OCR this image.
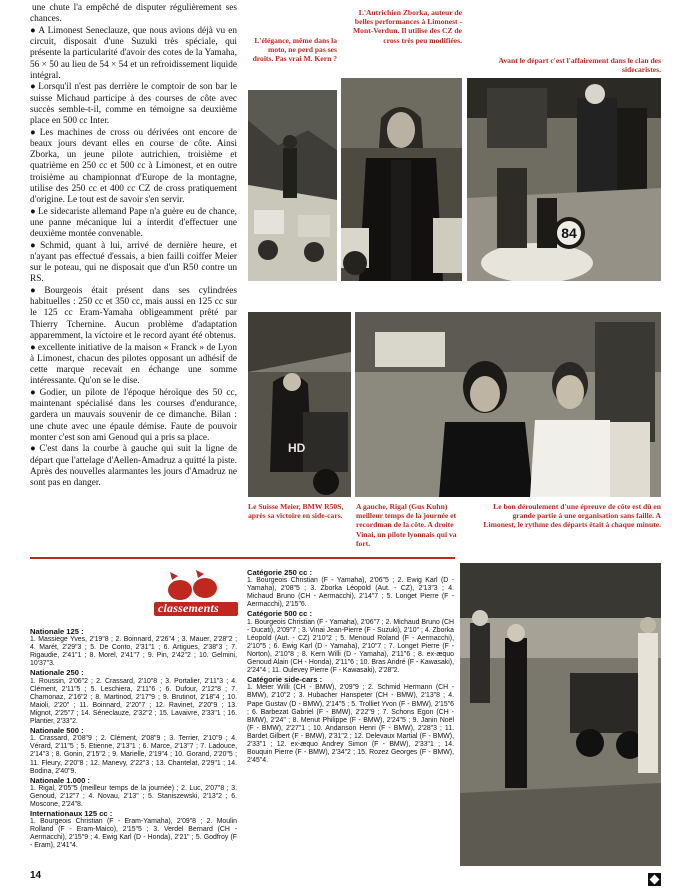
une chute l'a empêché de disputer régulièrement ses chances.

● A Limonest Seneclauze, que nous avions déjà vu en circuit, disposait d'une Suzuki très spéciale, qui présente la particularité d'avoir des cotes de la Yamaha, 56 × 50 au lieu de 54 × 54 et un refroidissement liquide intégral.

● Lorsqu'il n'est pas derrière le comptoir de son bar le suisse Michaud participe à des courses de côte avec succès semble-t-il, comme en témoigne sa deuxième place en 500 cc Inter.

● Les machines de cross ou dérivées ont encore de beaux jours devant elles en course de côte. Ainsi Zborka, un jeune pilote autrichien, troisième et quatrième en 250 cc et 500 cc à Limonest, et en outre troisième au championnat d'Europe de la montagne, utilise des 250 cc et 400 cc CZ de cross pratiquement d'origine. Le tout est de savoir s'en servir.

● Le sidecariste allemand Pape n'a guère eu de chance, une panne mécanique lui a interdit d'effectuer une deuxième montée convenable.

● Schmid, quant à lui, arrivé de dernière heure, et n'ayant pas effectué d'essais, a bien failli coiffer Meier sur le poteau, qui ne disposait que d'un R50 contre un RS.

● Bourgeois était présent dans ses cylindrées habituelles : 250 cc et 350 cc, mais aussi en 125 cc sur le 125 cc Eram-Yamaha obligeamment prêté par Thierry Tchernine. Aucun problème d'adaptation apparemment, la victoire et le record ayant été obtenus.

● excellente initiative de la maison « Franck » de Lyon à Limonest, chacun des pilotes opposant un adhésif de cette marque recevait en échange une somme intéressante. Qu'on se le dise.

● Godier, un pilote de l'époque héroïque des 50 cc, maintenant spécialisé dans les courses d'endurance, gardera un mauvais souvenir de ce dimanche. Bilan : une chute avec une épaule démise. Faute de pouvoir monter c'est son ami Genoud qui a pris sa place.

● C'est dans la courbe à gauche qui suit la ligne de départ que l'attelage d'Aellen-Amadruz a quitté la piste. Après des nouvelles alarmantes les jours d'Amadruz ne sont pas en danger.

L'élégance, même dans la moto, ne perd pas ses droits. Pas vrai M. Kern ?
L'Autrichien Zborka, auteur de belles performances à Limonest - Mont-Verdun. Il utilise des CZ de cross très peu modifiées.
Avant le départ c'est l'affairement dans le clan des sidecaristes.
84
HD
Le Suisse Meier, BMW R50S, après sa victoire en side-cars.
A gauche, Rigal (Gus Kuhn) meilleur temps de la journée et recordman de la côte. A droite Vinai, un pilote lyonnais qui va fort.
Le bon déroulement d'une épreuve de côte est dû en grande partie à une organisation sans faille. A Limonest, le rythme des départs était à chaque minute.
classements
Nationale 125 :

1. Massiege Yves, 2'19"8 ; 2. Boinnard, 2'26"4 ; 3. Mauer, 2'28"2 ; 4. Marét, 2'29"3 ; 5. De Conto, 2'31"1 ; 6. Artigues, 2'38"3 ; 7. Rigaudie, 2'41"1 ; 8. Morel, 2'41"7 ; 9. Pin, 2'42"2 ; 10. Gelmini, 10'37"3.

Nationale 250 :

1. Roussin, 2'06"2 ; 2. Crassard, 2'10"8 ; 3. Portalier, 2'11"3 ; 4. Clément, 2'11"5 ; 5. Leschiera, 2'11"6 ; 6. Dufour, 2'12"8 ; 7. Chamonaz, 2'16"2 ; 8. Martinod, 2'17"9 ; 9. Brutinot, 2'18"4 ; 10. Maioli, 2'20" ; 11. Boinnard, 2'20"7 ; 12. Ravinet, 2'20"9 ; 13. Mignot, 2'25"7 ; 14. Séneclauze, 2'32"2 ; 15. Lavaivre, 2'33"1 ; 16. Plantier, 2'33"2.

Nationale 500 :

1. Crassard, 2'08"9 ; 2. Clément, 2'08"9 ; 3. Terrier, 2'10"9 ; 4. Vérard, 2'11"5 ; 5. Etienne, 2'13"1 ; 6. Marce, 2'13"7 ; 7. Ladouce, 2'14"3 ; 8. Gonin, 2'15"2 ; 9. Marielle, 2'19"4 ; 10. Gorand, 2'20"5 ; 11. Fleury, 2'20"8 ; 12. Manevy, 2'22"3 ; 13. Chantelat, 2'29"1 ; 14. Bodina, 2'40"9.

Nationale 1.000 :

1. Rigal, 2'05"5 (meilleur temps de la journée) ; 2. Luc, 2'07"8 ; 3. Genoud, 2'12"7 ; 4. Novau, 2'13" ; 5. Staniszewski, 2'13"2 ; 6. Moscone, 2'24"8.

Internationaux 125 cc :

1. Bourgeois Christian (F - Eram-Yamaha), 2'09"8 ; 2. Moulin Rolland (F - Eram-Maico), 2'15"5 ; 3. Verdel Bernard (CH - Aermacchi), 2'15"9 ; 4. Ewig Karl (D - Honda), 2'21" ; 5. Godfroy (F - Eram), 2'41"4.

Catégorie 250 cc :

1. Bourgeois Christian (F - Yamaha), 2'06"5 ; 2. Ewig Karl (D - Yamaha), 2'08"5 ; 3. Zborka Léopold (Aut. - CZ), 2'13"3 ; 4. Michaud Bruno (CH - Aermacchi), 2'14"7 ; 5. Longet Pierre (F - Aermacchi), 2'15"6.

Catégorie 500 cc :

1. Bourgeois Christian (F - Yamaha), 2'06"7 ; 2. Michaud Bruno (CH - Ducati), 2'09"7 ; 3. Vinai Jean-Pierre (F - Suzuki), 2'10" ; 4. Zborka Léopold (Aut. - CZ) 2'10"2 ; 5. Menoud Roland (F - Aermacchi), 2'10"5 ; 6. Ewig Karl (D - Yamaha), 2'10"7 ; 7. Longet Pierre (F - Norton), 2'10"8 ; 8. Kern Willi (D - Yamaha), 2'11"6 ; 8. ex-æquo Genoud Alain (CH - Honda), 2'11"6 ; 10. Bras André (F - Kawasaki), 2'24"4 ; 11. Oulevey Pierre (F - Kawasaki), 2'28"2.

Catégorie side-cars :

1. Meier Willi (CH - BMW), 2'09"9 ; 2. Schmid Hermann (CH - BMW), 2'10"2 ; 3. Hubacher Hanspeter (CH - BMW), 2'13"8 ; 4. Pape Gustav (D - BMW), 2'14"5 ; 5. Trolliet Yvon (F - BMW), 2'15"6 ; 6. Barbezat Gabriel (F - BMW), 2'22"9 ; 7. Schons Egon (CH - BMW), 2'24" ; 8. Menut Philippe (F - BMW), 2'24"5 ; 9. Janin Noël (F - BMW), 2'27"1 ; 10. Andanson Henri (F - BMW), 2'28"3 ; 11. Bardet Gilbert (F - BMW), 2'31"2 ; 12. Delevaux Martial (F - BMW), 2'33"1 ; 12. ex-æquo Andrey Simon (F - BMW), 2'33"1 ; 14. Bouquin Pierre (F - BMW), 2'34"2 ; 15. Rozez Georges (F - BMW), 2'45"4.

14
